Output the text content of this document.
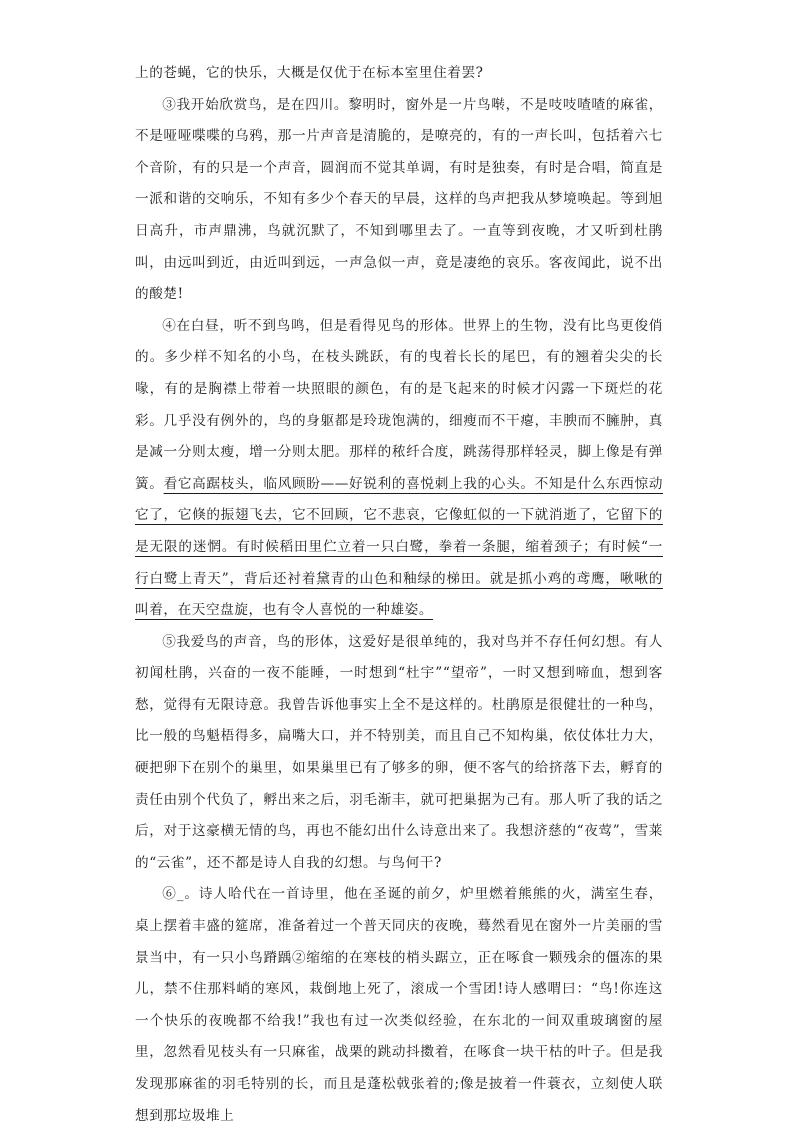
上的苍蝇，它的快乐，大概是仅优于在标本室里住着罢?

③我开始欣赏鸟，是在四川。黎明时，窗外是一片鸟啭，不是吱吱喳喳的麻雀，不是哑哑喋喋的乌鸦，那一片声音是清脆的，是嘹亮的，有的一声长叫，包括着六七个音阶，有的只是一个声音，圆润而不觉其单调，有时是独奏，有时是合唱，简直是一派和谐的交响乐，不知有多少个春天的早晨，这样的鸟声把我从梦境唤起。等到旭日高升，市声鼎沸，鸟就沉默了，不知到哪里去了。一直等到夜晚，才又听到杜鹃叫，由远叫到近，由近叫到远，一声急似一声，竟是凄绝的哀乐。客夜闻此，说不出的酸楚!

④在白昼，听不到鸟鸣，但是看得见鸟的形体。世界上的生物，没有比鸟更俊俏的。多少样不知名的小鸟，在枝头跳跃，有的曳着长长的尾巴，有的翘着尖尖的长喙，有的是胸襟上带着一块照眼的颜色，有的是飞起来的时候才闪露一下斑烂的花彩。几乎没有例外的，鸟的身躯都是玲珑饱满的，细瘦而不干瘪，丰腴而不臃肿，真是减一分则太瘦，增一分则太肥。那样的秾纤合度，跳荡得那样轻灵，脚上像是有弹簧。看它高踞枝头，临风顾盼——好锐利的喜悦刺上我的心头。不知是什么东西惊动它了，它倏的振翅飞去，它不回顾，它不悲哀，它像虹似的一下就消逝了，它留下的是无限的迷惘。有时候稻田里伫立着一只白鹭，拳着一条腿，缩着颈子；有时候“一行白鹭上青天”，背后还衬着黛青的山色和釉绿的梯田。就是抓小鸡的鸢鹰，啾啾的叫着，在天空盘旋，也有令人喜悦的一种雄姿。

⑤我爱鸟的声音，鸟的形体，这爱好是很单纯的，我对鸟并不存任何幻想。有人初闻杜鹃，兴奋的一夜不能睡，一时想到“杜宇”“望帝”，一时又想到啼血，想到客愁，觉得有无限诗意。我曾告诉他事实上全不是这样的。杜鹃原是很健壮的一种鸟，比一般的鸟魁梧得多，扁嘴大口，并不特别美，而且自己不知构巢，依仗体壮力大，硬把卵下在别个的巢里，如果巢里已有了够多的卵，便不客气的给挤落下去，孵育的责任由别个代负了，孵出来之后，羽毛渐丰，就可把巢据为己有。那人听了我的话之后，对于这豪横无情的鸟，再也不能幻出什么诗意出来了。我想济慈的“夜莺”，雪莱的“云雀”，还不都是诗人自我的幻想。与鸟何干?

⑥_。诗人哈代在一首诗里，他在圣诞的前夕，炉里燃着熊熊的火，满室生春，桌上摆着丰盛的筵席，准备着过一个普天同庆的夜晚，蓦然看见在窗外一片美丽的雪景当中，有一只小鸟蹐踽②缩缩的在寒枝的梢头踞立，正在啄食一颗残余的僵冻的果儿，禁不住那料峭的寒风，栽倒地上死了，滚成一个雪团!诗人感喟曰：“鸟!你连这一个快乐的夜晚都不给我!”我也有过一次类似经验，在东北的一间双重玻璃窗的屋里，忽然看见枝头有一只麻雀，战栗的跳动抖擞着，在啄食一块干枯的叶子。但是我发现那麻雀的羽毛特别的长，而且是蓬松戟张着的;像是披着一件蓑衣，立刻使人联想到那垃圾堆上
